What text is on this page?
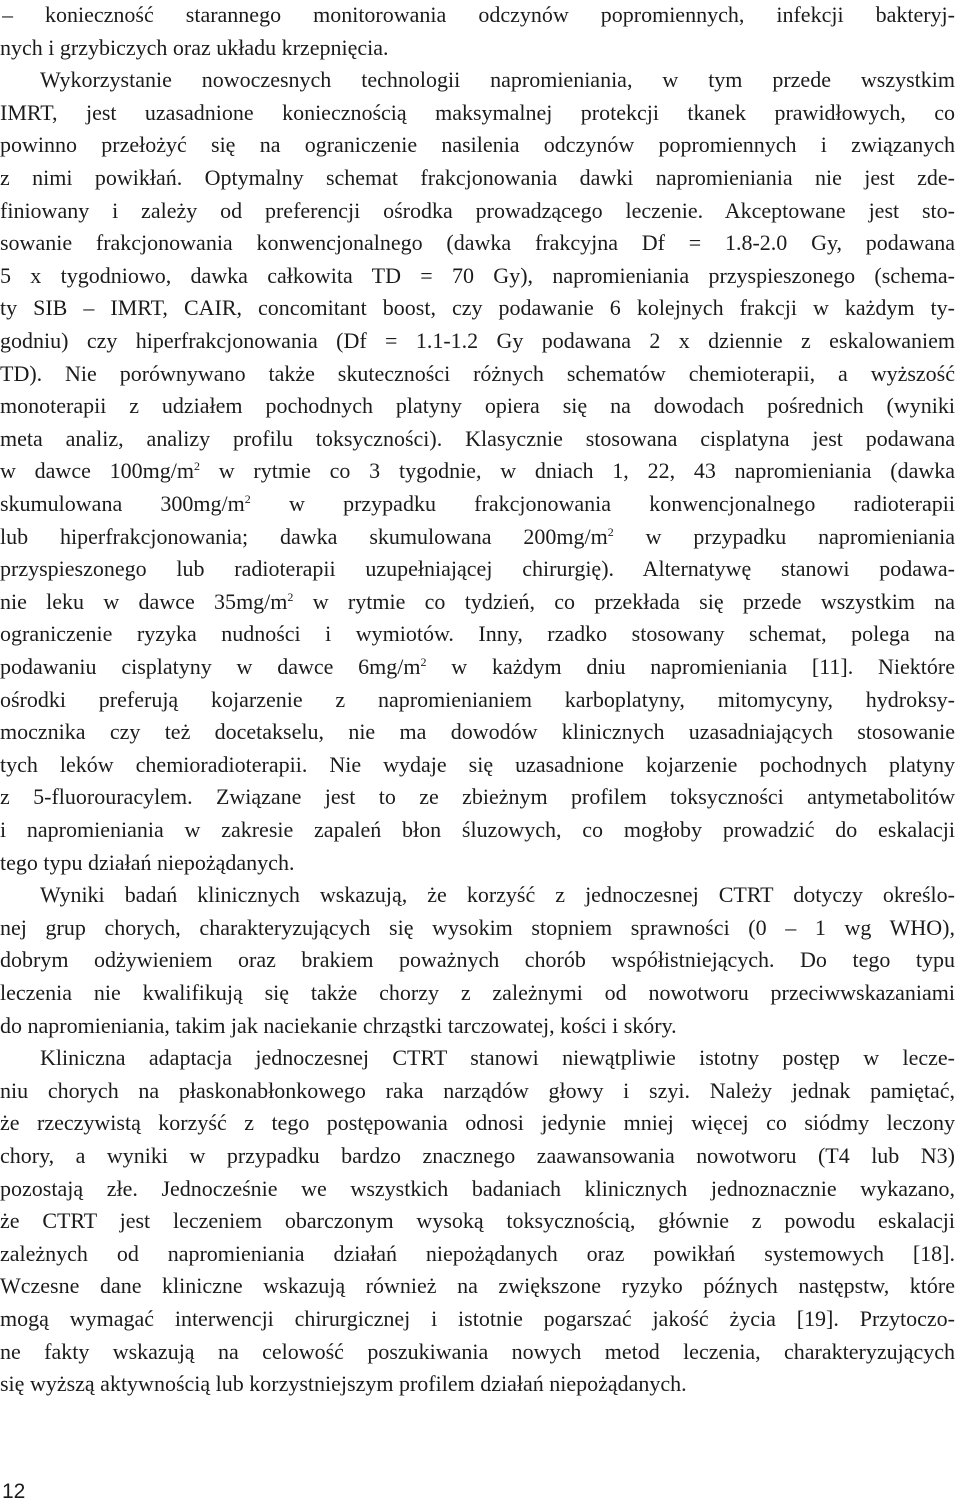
– konieczność starannego monitorowania odczynów popromiennych, infekcji bakteryj-
nych i grzybiczych oraz układu krzepnięcia.
Wykorzystanie nowoczesnych technologii napromieniania, w tym przede wszystkim
IMRT, jest uzasadnione koniecznością maksymalnej protekcji tkanek prawidłowych, co
powinno przełożyć się na ograniczenie nasilenia odczynów popromiennych i związanych
z nimi powikłań. Optymalny schemat frakcjonowania dawki napromieniania nie jest zde-
finiowany i zależy od preferencji ośrodka prowadzącego leczenie. Akceptowane jest sto-
sowanie frakcjonowania konwencjonalnego (dawka frakcyjna Df = 1.8-2.0 Gy, podawana
5 x tygodniowo, dawka całkowita TD = 70 Gy), napromieniania przyspieszonego (schema-
ty SIB – IMRT, CAIR, concomitant boost, czy podawanie 6 kolejnych frakcji w każdym ty-
godniu) czy hiperfrakcjonowania (Df = 1.1-1.2 Gy podawana 2 x dziennie z eskalowaniem
TD). Nie porównywano także skuteczności różnych schematów chemioterapii, a wyższość
monoterapii z udziałem pochodnych platyny opiera się na dowodach pośrednich (wyniki
meta analiz, analizy profilu toksyczności). Klasycznie stosowana cisplatyna jest podawana
w dawce $100mg/m^2$ w rytmie co 3 tygodnie, w dniach 1, 22, 43 napromieniania (dawka
skumulowana $300mg/m^2$ w przypadku frakcjonowania konwencjonalnego radioterapii
lub hiperfrakcjonowania; dawka skumulowana $200mg/m^2$ w przypadku napromieniania
przyspieszonego lub radioterapii uzupełniającej chirurgię). Alternatywę stanowi podawa-
nie leku w dawce $35mg/m^2$ w rytmie co tydzień, co przekłada się przede wszystkim na
ograniczenie ryzyka nudności i wymiotów. Inny, rzadko stosowany schemat, polega na
podawaniu cisplatyny w dawce $6mg/m^2$ w każdym dniu napromieniania [11]. Niektóre
ośrodki preferują kojarzenie z napromienianiem karboplatyny, mitomycyny, hydroksy-
mocznika czy też docetakselu, nie ma dowodów klinicznych uzasadniających stosowanie
tych leków chemioradioterapii. Nie wydaje się uzasadnione kojarzenie pochodnych platyny
z 5-fluorouracylem. Związane jest to ze zbieżnym profilem toksyczności antymetabolitów
i napromieniania w zakresie zapaleń błon śluzowych, co mogłoby prowadzić do eskalacji
tego typu działań niepożądanych.
Wyniki badań klinicznych wskazują, że korzyść z jednoczesnej CTRT dotyczy określo-
nej grup chorych, charakteryzujących się wysokim stopniem sprawności (0 – 1 wg WHO),
dobrym odżywieniem oraz brakiem poważnych chorób współistniejących. Do tego typu
leczenia nie kwalifikują się także chorzy z zależnymi od nowotworu przeciwwskazaniami
do napromieniania, takim jak naciekanie chrząstki tarczowatej, kości i skóry.
Kliniczna adaptacja jednoczesnej CTRT stanowi niewątpliwie istotny postęp w lecze-
niu chorych na płaskonabłonkowego raka narządów głowy i szyi. Należy jednak pamiętać,
że rzeczywistą korzyść z tego postępowania odnosi jedynie mniej więcej co siódmy leczony
chory, a wyniki w przypadku bardzo znacznego zaawansowania nowotworu (T4 lub N3)
pozostają złe. Jednocześnie we wszystkich badaniach klinicznych jednoznacznie wykazano,
że CTRT jest leczeniem obarczonym wysoką toksycznością, głównie z powodu eskalacji
zależnych od napromieniania działań niepożądanych oraz powikłań systemowych [18].
Wczesne dane kliniczne wskazują również na zwiększone ryzyko późnych następstw, które
mogą wymagać interwencji chirurgicznej i istotnie pogarszać jakość życia [19]. Przytoczo-
ne fakty wskazują na celowość poszukiwania nowych metod leczenia, charakteryzujących
się wyższą aktywnością lub korzystniejszym profilem działań niepożądanych.
12
